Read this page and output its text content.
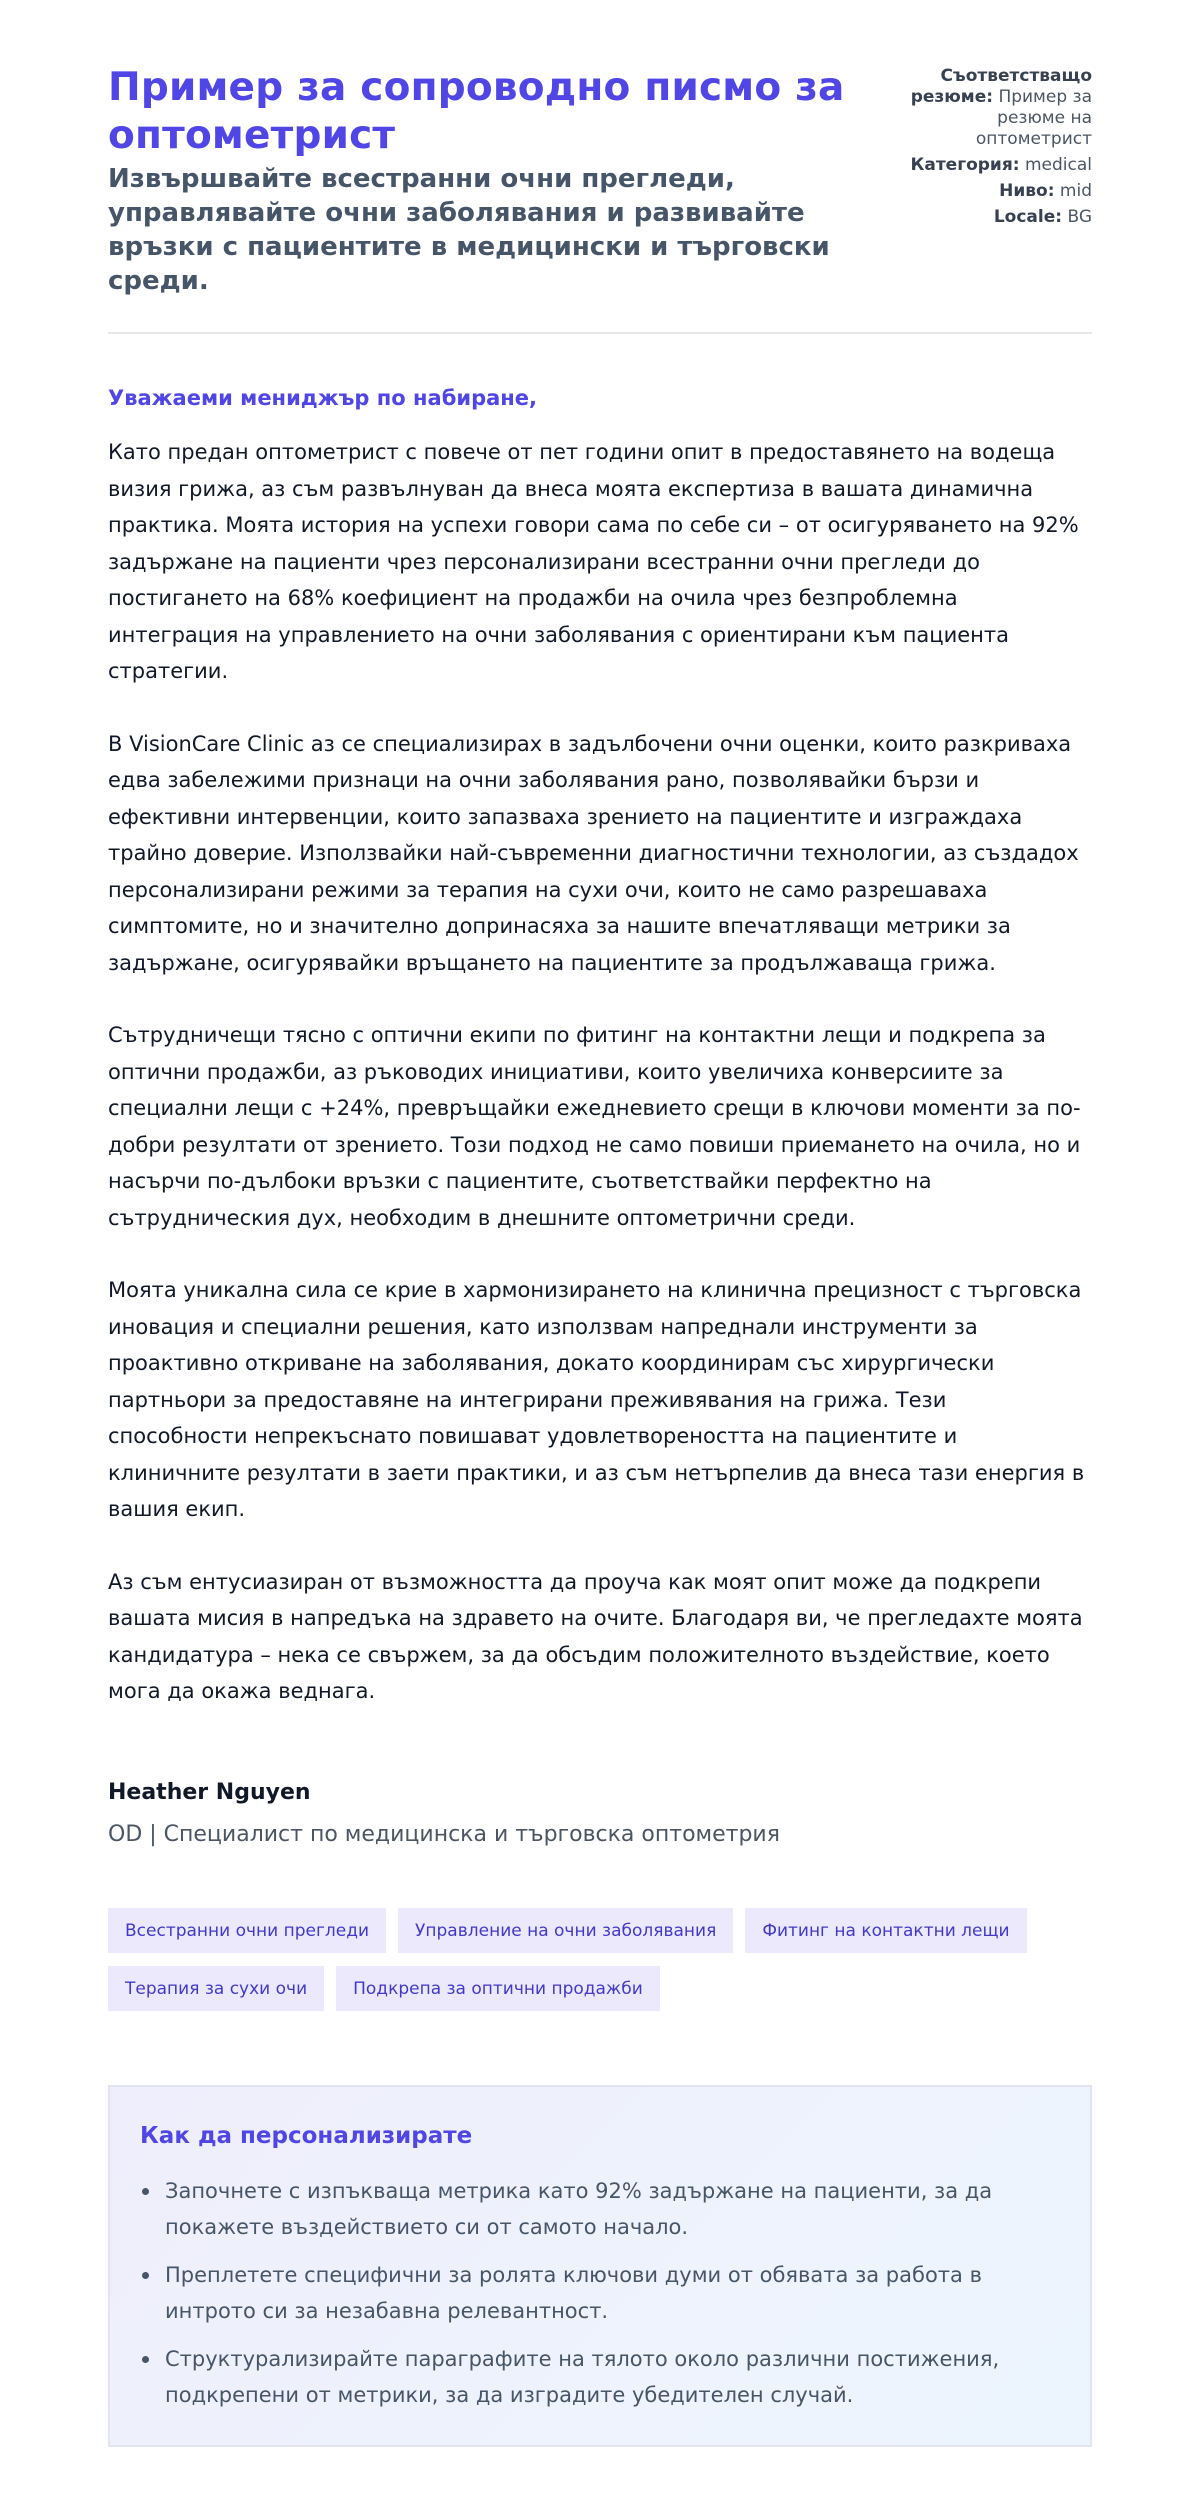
Пример за сопроводно писмо за оптометрист
Извършвайте всестранни очни прегледи, управлявайте очни заболявания и развивайте връзки с пациентите в медицински и търговски среди.
Съответстващо резюме: Пример за резюме на оптометрист
Категория: medical
Ниво: mid
Locale: BG

Уважаеми мениджър по набиране,

Като предан оптометрист с повече от пет години опит в предоставянето на водеща визия грижа, аз съм развълнуван да внеса моята експертиза в вашата динамична практика. Моята история на успехи говори сама по себе си – от осигуряването на 92% задържане на пациенти чрез персонализирани всестранни очни прегледи до постигането на 68% коефициент на продажби на очила чрез безпроблемна интеграция на управлението на очни заболявания с ориентирани към пациента стратегии.

В VisionCare Clinic аз се специализирах в задълбочени очни оценки, които разкриваха едва забележими признаци на очни заболявания рано, позволявайки бързи и ефективни интервенции, които запазваха зрението на пациентите и изграждаха трайно доверие. Използвайки най-съвременни диагностични технологии, аз създадох персонализирани режими за терапия на сухи очи, които не само разрешаваха симптомите, но и значително допринасяха за нашите впечатляващи метрики за задържане, осигурявайки връщането на пациентите за продължаваща грижа.

Сътрудничещи тясно с оптични екипи по фитинг на контактни лещи и подкрепа за оптични продажби, аз ръководих инициативи, които увеличиха конверсиите за специални лещи с +24%, превръщайки ежедневието срещи в ключови моменти за по-добри резултати от зрението. Този подход не само повиши приемането на очила, но и насърчи по-дълбоки връзки с пациентите, съответствайки перфектно на сътрудническия дух, необходим в днешните оптометрични среди.

Моята уникална сила се крие в хармонизирането на клинична прецизност с търговска иновация и специални решения, като използвам напреднали инструменти за проактивно откриване на заболявания, докато координирам със хирургически партньори за предоставяне на интегрирани преживявания на грижа. Тези способности непрекъснато повишават удовлетвореността на пациентите и клиничните резултати в заети практики, и аз съм нетърпелив да внеса тази енергия в вашия екип.

Аз съм ентусиазиран от възможността да проуча как моят опит може да подкрепи вашата мисия в напредъка на здравето на очите. Благодаря ви, че прегледахте моята кандидатура – нека се свържем, за да обсъдим положителното въздействие, което мога да окажа веднага.

Heather Nguyen
OD | Специалист по медицинска и търговска оптометрия
Всестранни очни прегледи	Управление на очни заболявания	Фитинг на контактни лещи
Терапия за сухи очи	Подкрепа за оптични продажби
Как да персонализирате
Започнете с изпъкваща метрика като 92% задържане на пациенти, за да покажете въздействието си от самото начало.
Преплетете специфични за ролята ключови думи от обявата за работа в интрото си за незабавна релевантност.
Структурализирайте параграфите на тялото около различни постижения, подкрепени от метрики, за да изградите убедителен случай.
